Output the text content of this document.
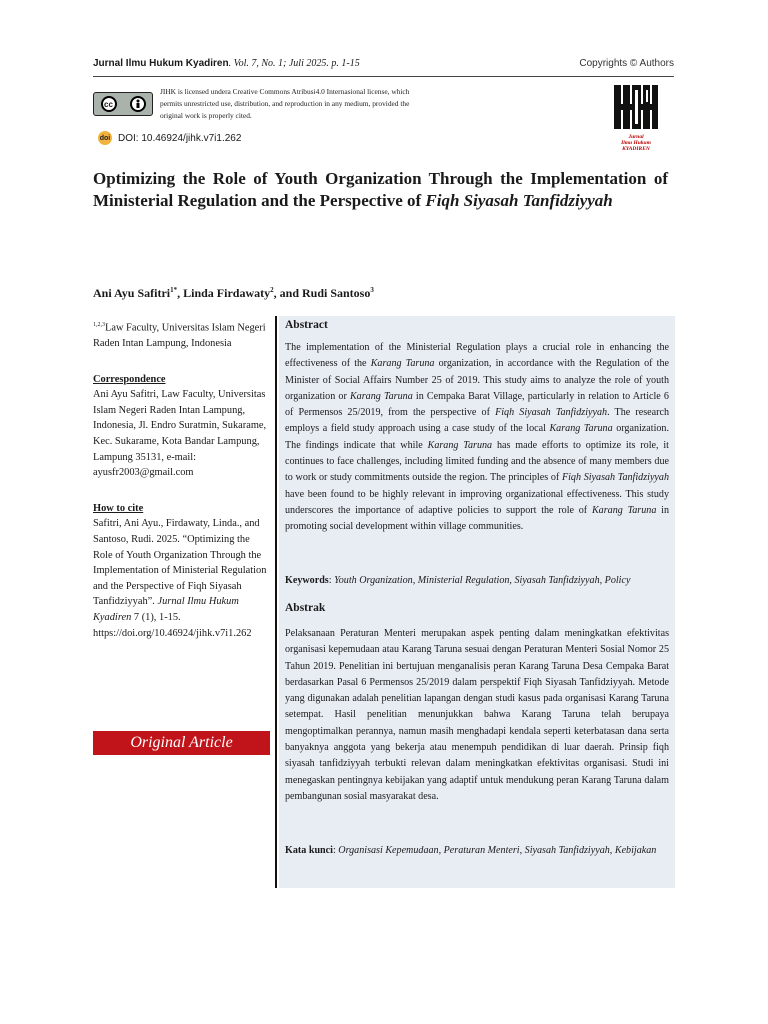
Jurnal Ilmu Hukum Kyadiren. Vol. 7, No. 1; Juli 2025. p. 1-15	Copyrights © Authors
cc
JIHK is licensed undera Creative Commons Atribusi4.0 Internasional license, which permits unrestricted use, distribution, and reproduction in any medium, provided the original work is properly cited.
doi DOI: 10.46924/jihk.v7i1.262	Jurnal
Ilmu Hukum
KYADIREN
Optimizing the Role of Youth Organization Through the Implementation of Ministerial Regulation and the Perspective of Fiqh Siyasah Tanfidziyyah
Ani Ayu Safitri$^{1*}$, Linda Firdawaty$^2$, and Rudi Santoso$^3$
$^{1,2,3}$Law Faculty, Universitas Islam Negeri Raden Intan Lampung, Indonesia
Correspondence
Ani Ayu Safitri, Law Faculty, Universitas Islam Negeri Raden Intan Lampung, Indonesia, Jl. Endro Suratmin, Sukarame, Kec. Sukarame, Kota Bandar Lampung, Lampung 35131, e-mail: ayusfr2003@gmail.com
How to cite
Safitri, Ani Ayu., Firdawaty, Linda., and Santoso, Rudi. 2025. “Optimizing the Role of Youth Organization Through the Implementation of Ministerial Regulation and the Perspective of Fiqh Siyasah Tanfidziyyah”. Jurnal Ilmu Hukum Kyadiren 7 (1), 1-15. https://doi.org/10.46924/jihk.v7i1.262
Original Article
Abstract
The implementation of the Ministerial Regulation plays a crucial role in enhancing the effectiveness of the Karang Taruna organization, in accordance with the Regulation of the Minister of Social Affairs Number 25 of 2019. This study aims to analyze the role of youth organization or Karang Taruna in Cempaka Barat Village, particularly in relation to Article 6 of Permensos 25/2019, from the perspective of Fiqh Siyasah Tanfidziyyah. The research employs a field study approach using a case study of the local Karang Taruna organization. The findings indicate that while Karang Taruna has made efforts to optimize its role, it continues to face challenges, including limited funding and the absence of many members due to work or study commitments outside the region. The principles of Fiqh Siyasah Tanfidziyyah have been found to be highly relevant in improving organizational effectiveness. This study underscores the importance of adaptive policies to support the role of Karang Taruna in promoting social development within village communities.
Keywords: Youth Organization, Ministerial Regulation, Siyasah Tanfidziyyah, Policy
Abstrak
Pelaksanaan Peraturan Menteri merupakan aspek penting dalam meningkatkan efektivitas organisasi kepemudaan atau Karang Taruna sesuai dengan Peraturan Menteri Sosial Nomor 25 Tahun 2019. Penelitian ini bertujuan menganalisis peran Karang Taruna Desa Cempaka Barat berdasarkan Pasal 6 Permensos 25/2019 dalam perspektif Fiqh Siyasah Tanfidziyyah. Metode yang digunakan adalah penelitian lapangan dengan studi kasus pada organisasi Karang Taruna setempat. Hasil penelitian menunjukkan bahwa Karang Taruna telah berupaya mengoptimalkan perannya, namun masih menghadapi kendala seperti keterbatasan dana serta banyaknya anggota yang bekerja atau menempuh pendidikan di luar daerah. Prinsip fiqh siyasah tanfidziyyah terbukti relevan dalam meningkatkan efektivitas organisasi. Studi ini menegaskan pentingnya kebijakan yang adaptif untuk mendukung peran Karang Taruna dalam pembangunan sosial masyarakat desa.
Kata kunci: Organisasi Kepemudaan, Peraturan Menteri, Siyasah Tanfidziyyah, Kebijakan
